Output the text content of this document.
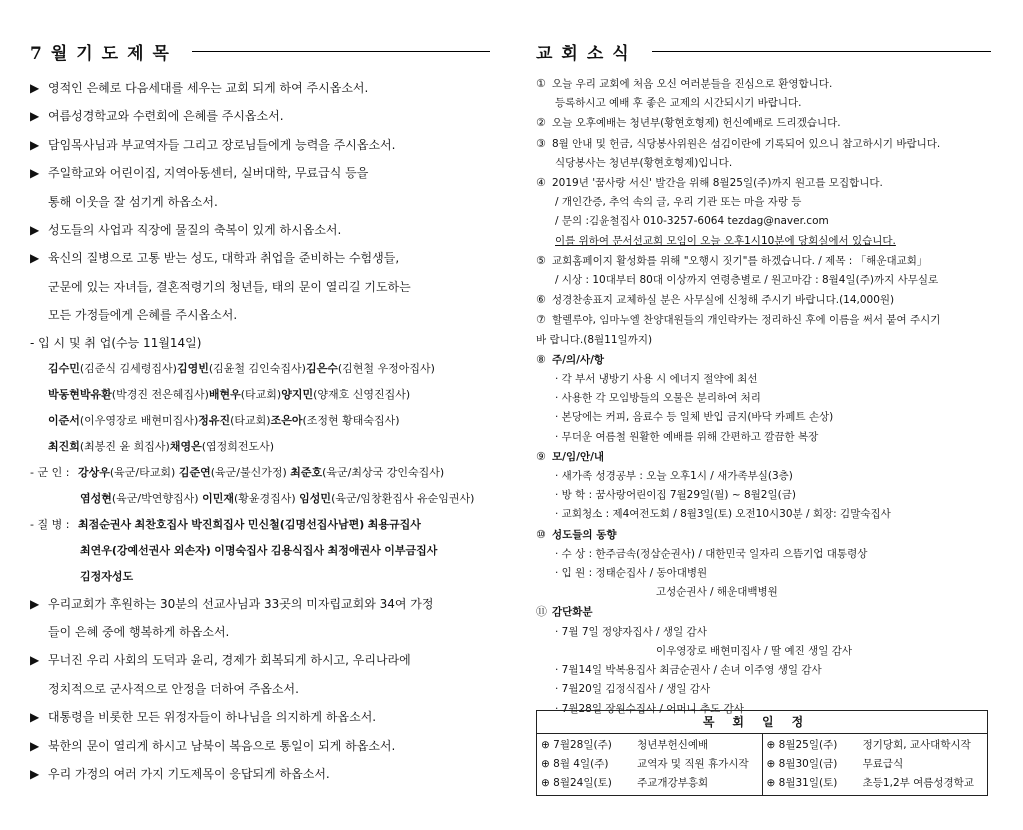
7월기도제목
▶ 영적인 은혜로 다음세대를 세우는 교회 되게 하여 주시옵소서.
▶ 여름성경학교와 수련회에 은혜를 주시옵소서.
▶ 담임목사님과 부교역자들 그리고 장로님들에게 능력을 주시옵소서.
▶ 주일학교와 어린이집, 지역아동센터, 실버대학, 무료급식 등을
통해 이웃을 잘 섬기게 하옵소서.
▶ 성도들의 사업과 직장에 물질의 축복이 있게 하시옵소서.
▶ 육신의 질병으로 고통 받는 성도, 대학과 취업을 준비하는 수험생들,
군문에 있는 자녀들, 결혼적령기의 청년들, 태의 문이 열리길 기도하는
모든 가정들에게 은혜를 주시옵소서.
- 입 시 및 취 업 (수능 11월14일)
김수민(김준식 김세령집사) 김영빈(김윤철 김인숙집사) 김은수(김현철 우정아집사)
박동현 박유환(박경진 전은혜집사) 배현우(타교회) 양지민(양재호 신영진집사)
이준서(이우영장로 배현미집사) 정유진(타교회) 조은아(조정현 황태숙집사)
최진희(최봉진 윤 희집사) 채영은(엽정희전도사)
- 군 인 : 강상우(육군/타교회) 김준연(육군/불신가정) 최준호(육군/최상국 강인숙집사)
염성현(육군/박연향집사) 이민재(황윤경집사) 임성민(육군/임창환집사 유순임권사)
- 질 병 : 최점순권사 최찬호집사 박진희집사 민신철(김명선집사남편) 최용규집사
최연우(강예선권사 외손자) 이명숙집사 김용식집사 최정애권사 이부금집사
김정자성도
▶ 우리교회가 후원하는 30분의 선교사님과 33곳의 미자립교회와 34여 가정
들이 은혜 중에 행복하게 하옵소서.
▶ 무너진 우리 사회의 도덕과 윤리, 경제가 회복되게 하시고, 우리나라에
정치적으로 군사적으로 안정을 더하여 주옵소서.
▶ 대통령을 비롯한 모든 위정자들이 하나님을 의지하게 하옵소서.
▶ 북한의 문이 열리게 하시고 남북이 복음으로 통일이 되게 하옵소서.
▶ 우리 가정의 여러 가지 기도제목이 응답되게 하옵소서.
교회소식
① 오늘 우리 교회에 처음 오신 여러분들을 진심으로 환영합니다.
등록하시고 예배 후 좋은 교제의 시간되시기 바랍니다.
② 오늘 오후예배는 청년부(황현호형제) 헌신예배로 드리겠습니다.
③ 8월 안내 및 헌금, 식당봉사위원은 섬김이란에 기록되어 있으니 참고하시기 바랍니다.
식당봉사는 청년부(황현호형제)입니다.
④ 2019년 '꿈사랑 서신' 발간을 위해 8월25일(주)까지 원고를 모집합니다.
/ 개인간증, 추억 속의 글, 우리 기관 또는 마을 자랑 등
/ 문의 :김윤철집사 010-3257-6064 tezdag@naver.com
이를 위하여 문서선교회 모임이 오늘 오후1시10분에 당회실에서 있습니다.
⑤ 교회홈페이지 활성화를 위해 "오행시 짓기"를 하겠습니다. / 제목 : 「해운대교회」
/ 시상 : 10대부터 80대 이상까지 연령층별로 / 원고마감 : 8월4일(주)까지 사무실로
⑥ 성경찬송표지 교체하실 분은 사무실에 신청해 주시기 바랍니다.(14,000원)
⑦ 할렐루야, 임마누엘 찬양대원들의 개인락카는 정리하신 후에 이름을 써서 붙여 주시기
바 랍니다.(8월11일까지)
⑧ 주/의/사/항
· 각 부서 냉방기 사용 시 에너지 절약에 최선
· 사용한 각 모임방들의 오물은 분리하여 처리
· 본당에는 커피, 음료수 등 일체 반입 금지(바닥 카페트 손상)
· 무더운 여름철 원활한 예배를 위해 간편하고 깔끔한 복장
⑨ 모/임/안/내
· 새가족 성경공부 : 오늘 오후1시 / 새가족부실(3층)
· 방 학 : 꿈사랑어린이집 7월29일(월) ~ 8월2일(금)
· 교회청소 : 제4여전도회 / 8월3일(토) 오전10시30분 / 회장: 김말숙집사
⑩ 성도들의 동향
· 수 상 : 한주금속(정삼순권사) / 대한민국 일자리 으뜸기업 대통령상
· 입 원 : 정태순집사 / 동아대병원
고성순권사 / 해운대백병원
⑪ 감단화분
· 7월 7일 정양자집사 / 생일 감사
이우영장로 배현미집사 / 딸 예진 생일 감사
· 7월14일 박복용집사 최금순권사 / 손녀 이주영 생일 감사
· 7월20일 김정식집사 / 생일 감사
· 7월28일 장원수집사 / 어머니 추도 감사
목회일정
⊕ 7월28일(주) 청년부헌신예배
⊕ 8월 4일(주)	교역자 및 직원 휴가시작
⊕ 8월24일(토) 주교개강부흥회
⊕ 8월25일(주) 정기당회, 교사대학시작
⊕ 8월30일(금) 무료급식
⊕ 8월31일(토) 초등1,2부 여름성경학교
